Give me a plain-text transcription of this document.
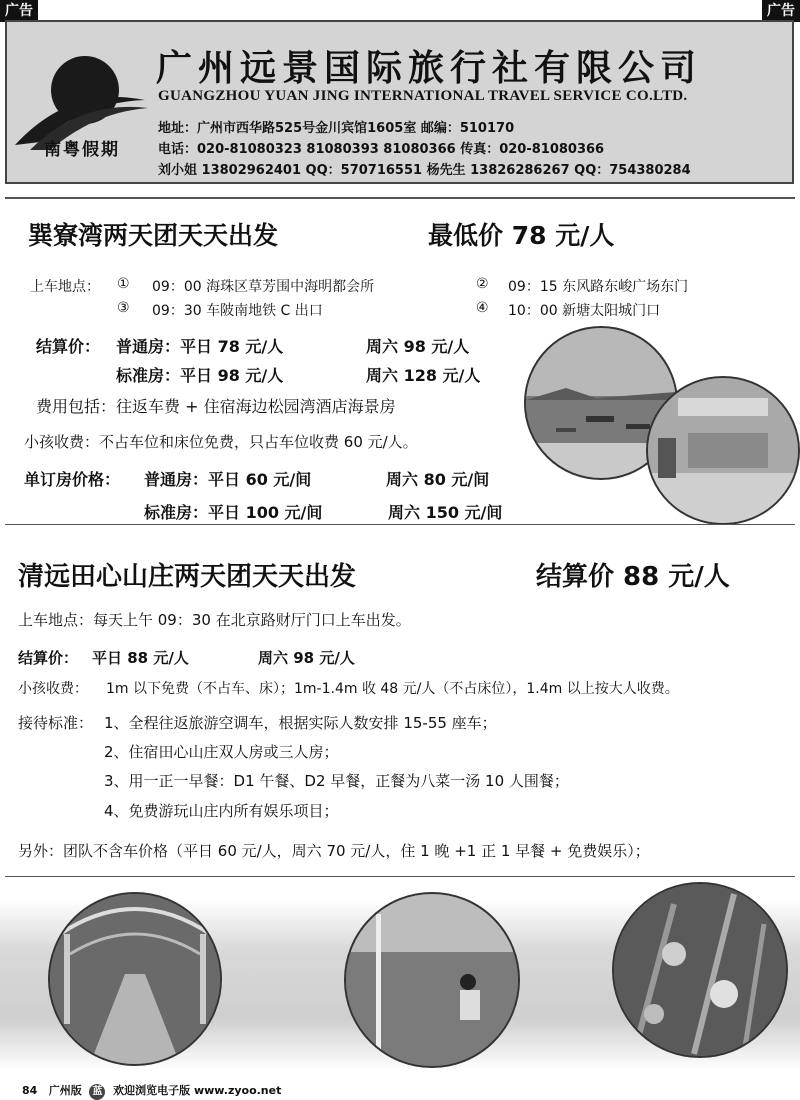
广告	广告
南粤假期
广州远景国际旅行社有限公司
GUANGZHOU YUAN JING INTERNATIONAL TRAVEL SERVICE CO.LTD.
地址：广州市西华路525号金川宾馆1605室 邮编：510170
电话：020-81080323 81080393 81080366 传真：020-81080366
刘小姐 13802962401 QQ：570716551 杨先生 13826286267 QQ：754380284
巽寮湾两天团天天出发	最低价 78 元/人
上车地点： ① 09：00 海珠区草芳围中海明都会所	② 09：15 东风路东峻广场东门
③ 09：30 车陂南地铁 C 出口	④ 10：00 新塘太阳城门口
结算价： 普通房：平日 78 元/人	周六 98 元/人
标准房：平日 98 元/人	周六 128 元/人
费用包括：往返车费 + 住宿海边松园湾酒店海景房
小孩收费：不占车位和床位免费，只占车位收费 60 元/人。
单订房价格： 普通房：平日 60 元/间	周六 80 元/间
标准房：平日 100 元/间	周六 150 元/间
清远田心山庄两天团天天出发	结算价 88 元/人
上车地点：每天上午 09：30 在北京路财厅门口上车出发。
结算价： 平日 88 元/人	周六 98 元/人
小孩收费： 1m 以下免费（不占车、床）；1m-1.4m 收 48 元/人（不占床位），1.4m 以上按大人收费。
接待标准： 1、全程往返旅游空调车，根据实际人数安排 15-55 座车；
2、住宿田心山庄双人房或三人房；
3、用一正一早餐：D1 午餐、D2 早餐，正餐为八菜一汤 10 人围餐；
4、免费游玩山庄内所有娱乐项目；
另外：团队不含车价格（平日 60 元/人，周六 70 元/人，住 1 晚 +1 正 1 早餐 + 免费娱乐）；
84 广州版 蓝 欢迎浏览电子版 www.zyoo.net
